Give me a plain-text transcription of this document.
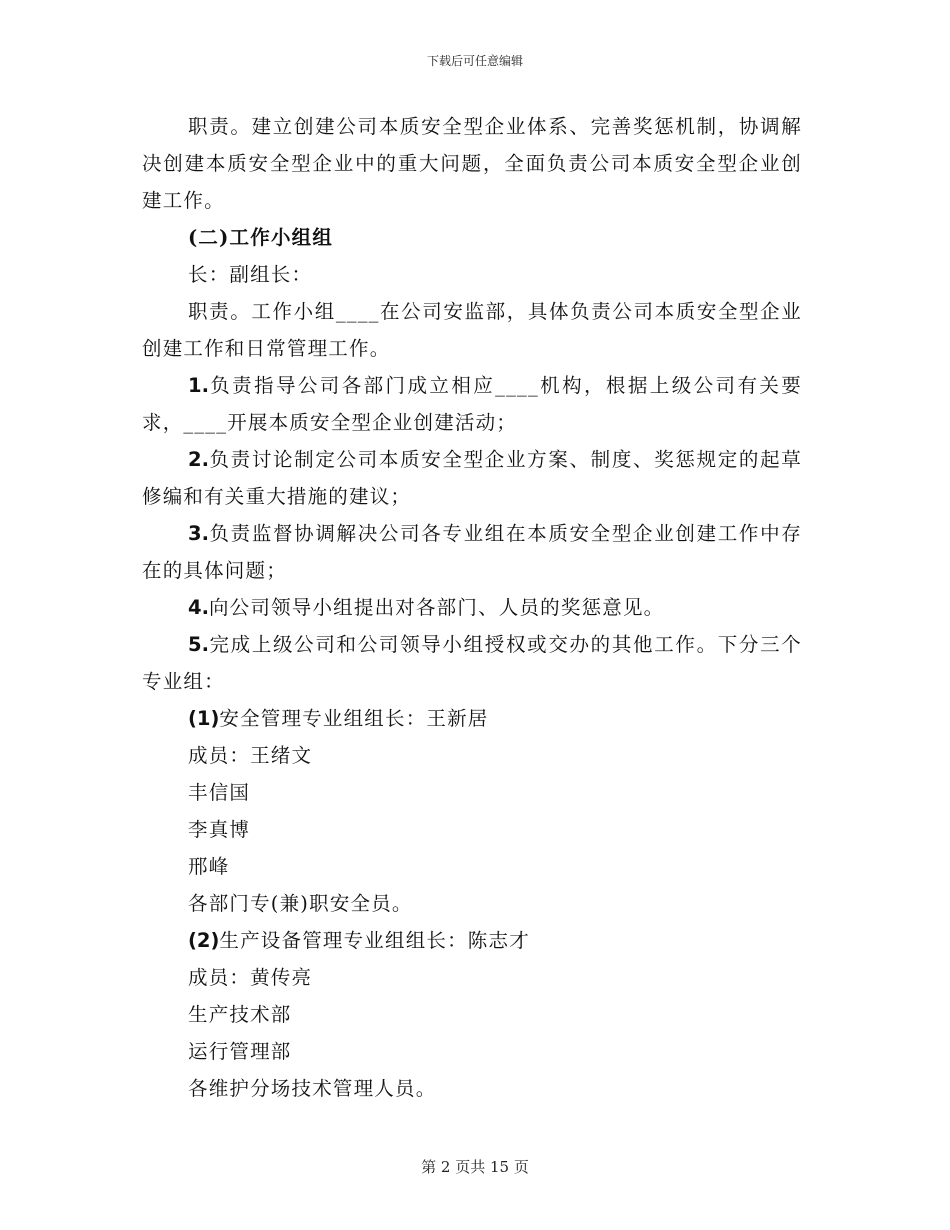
下载后可任意编辑

职责。建立创建公司本质安全型企业体系、完善奖惩机制，协调解决创建本质安全型企业中的重大问题，全面负责公司本质安全型企业创建工作。

(二)工作小组组

长：副组长：

职责。工作小组____在公司安监部，具体负责公司本质安全型企业创建工作和日常管理工作。

1.负责指导公司各部门成立相应____机构，根据上级公司有关要求，____开展本质安全型企业创建活动；

2.负责讨论制定公司本质安全型企业方案、制度、奖惩规定的起草修编和有关重大措施的建议；

3.负责监督协调解决公司各专业组在本质安全型企业创建工作中存在的具体问题；

4.向公司领导小组提出对各部门、人员的奖惩意见。

5.完成上级公司和公司领导小组授权或交办的其他工作。下分三个专业组：

(1)安全管理专业组组长：王新居

成员：王绪文

丰信国

李真博

邢峰

各部门专(兼)职安全员。

(2)生产设备管理专业组组长：陈志才

成员：黄传亮

生产技术部

运行管理部

各维护分场技术管理人员。

第 2 页共 15 页
